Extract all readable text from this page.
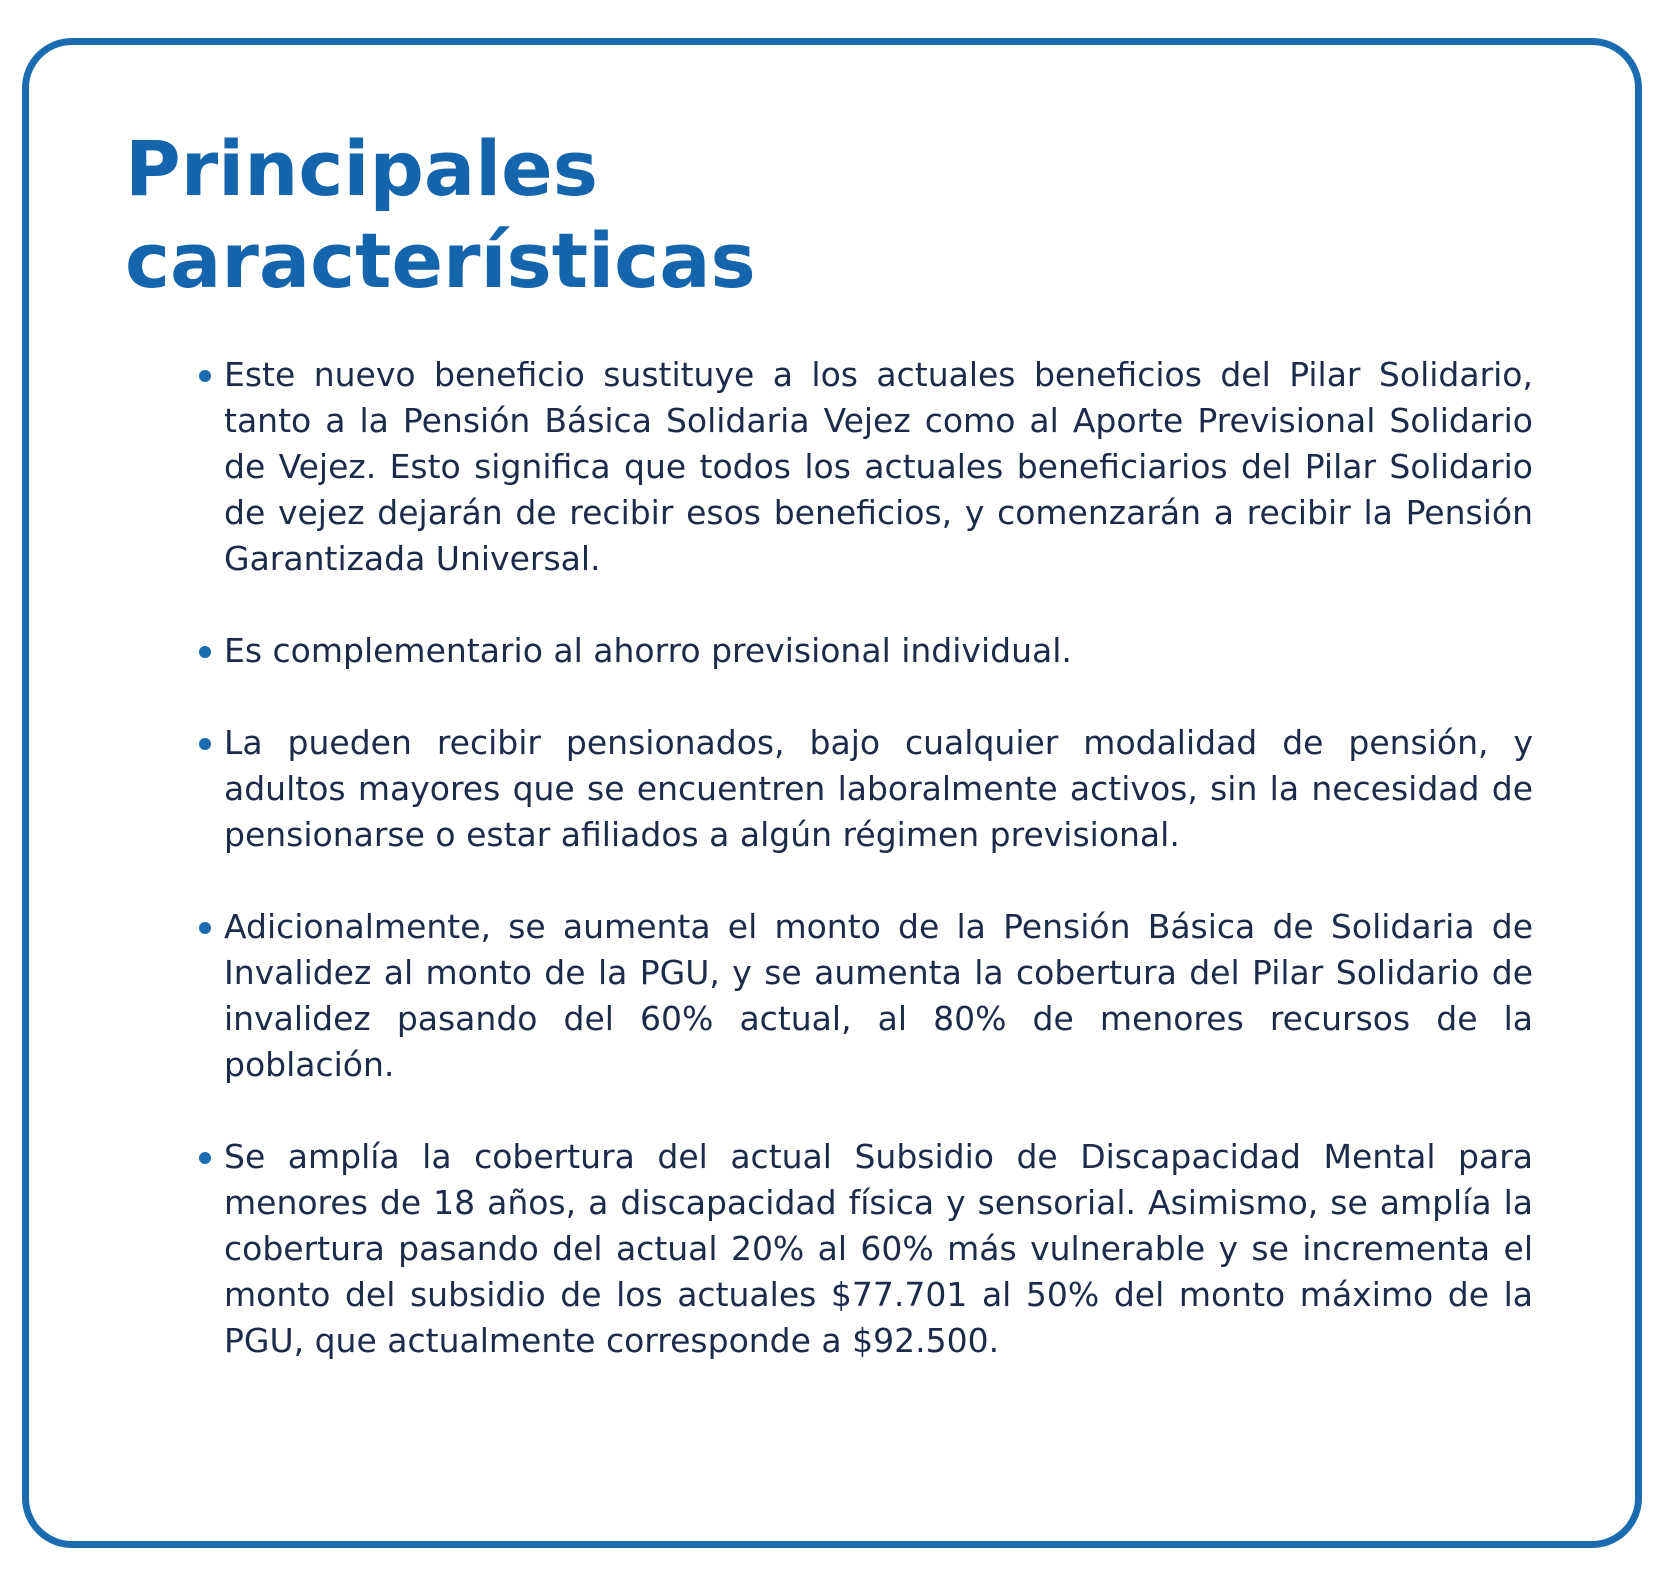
Principales
características
Este nuevo beneficio sustituye a los actuales beneficios del Pilar Solidario, tanto a la Pensión Básica Solidaria Vejez como al Aporte Previsional Solidario de Vejez. Esto significa que todos los actuales beneficiarios del Pilar Solidario de vejez dejarán de recibir esos beneficios, y comenzarán a recibir la Pensión Garantizada Universal.
Es complementario al ahorro previsional individual.
La pueden recibir pensionados, bajo cualquier modalidad de pensión, y adultos mayores que se encuentren laboralmente activos, sin la necesidad de pensionarse o estar afiliados a algún régimen previsional.
Adicionalmente, se aumenta el monto de la Pensión Básica de Solidaria de Invalidez al monto de la PGU, y se aumenta la cobertura del Pilar Solidario de invalidez pasando del 60% actual, al 80% de menores recursos de la población.
Se amplía la cobertura del actual Subsidio de Discapacidad Mental para menores de 18 años, a discapacidad física y sensorial. Asimismo, se amplía la cobertura pasando del actual 20% al 60% más vulnerable y se incrementa el monto del subsidio de los actuales $77.701 al 50% del monto máximo de la PGU, que actualmente corresponde a $92.500.
